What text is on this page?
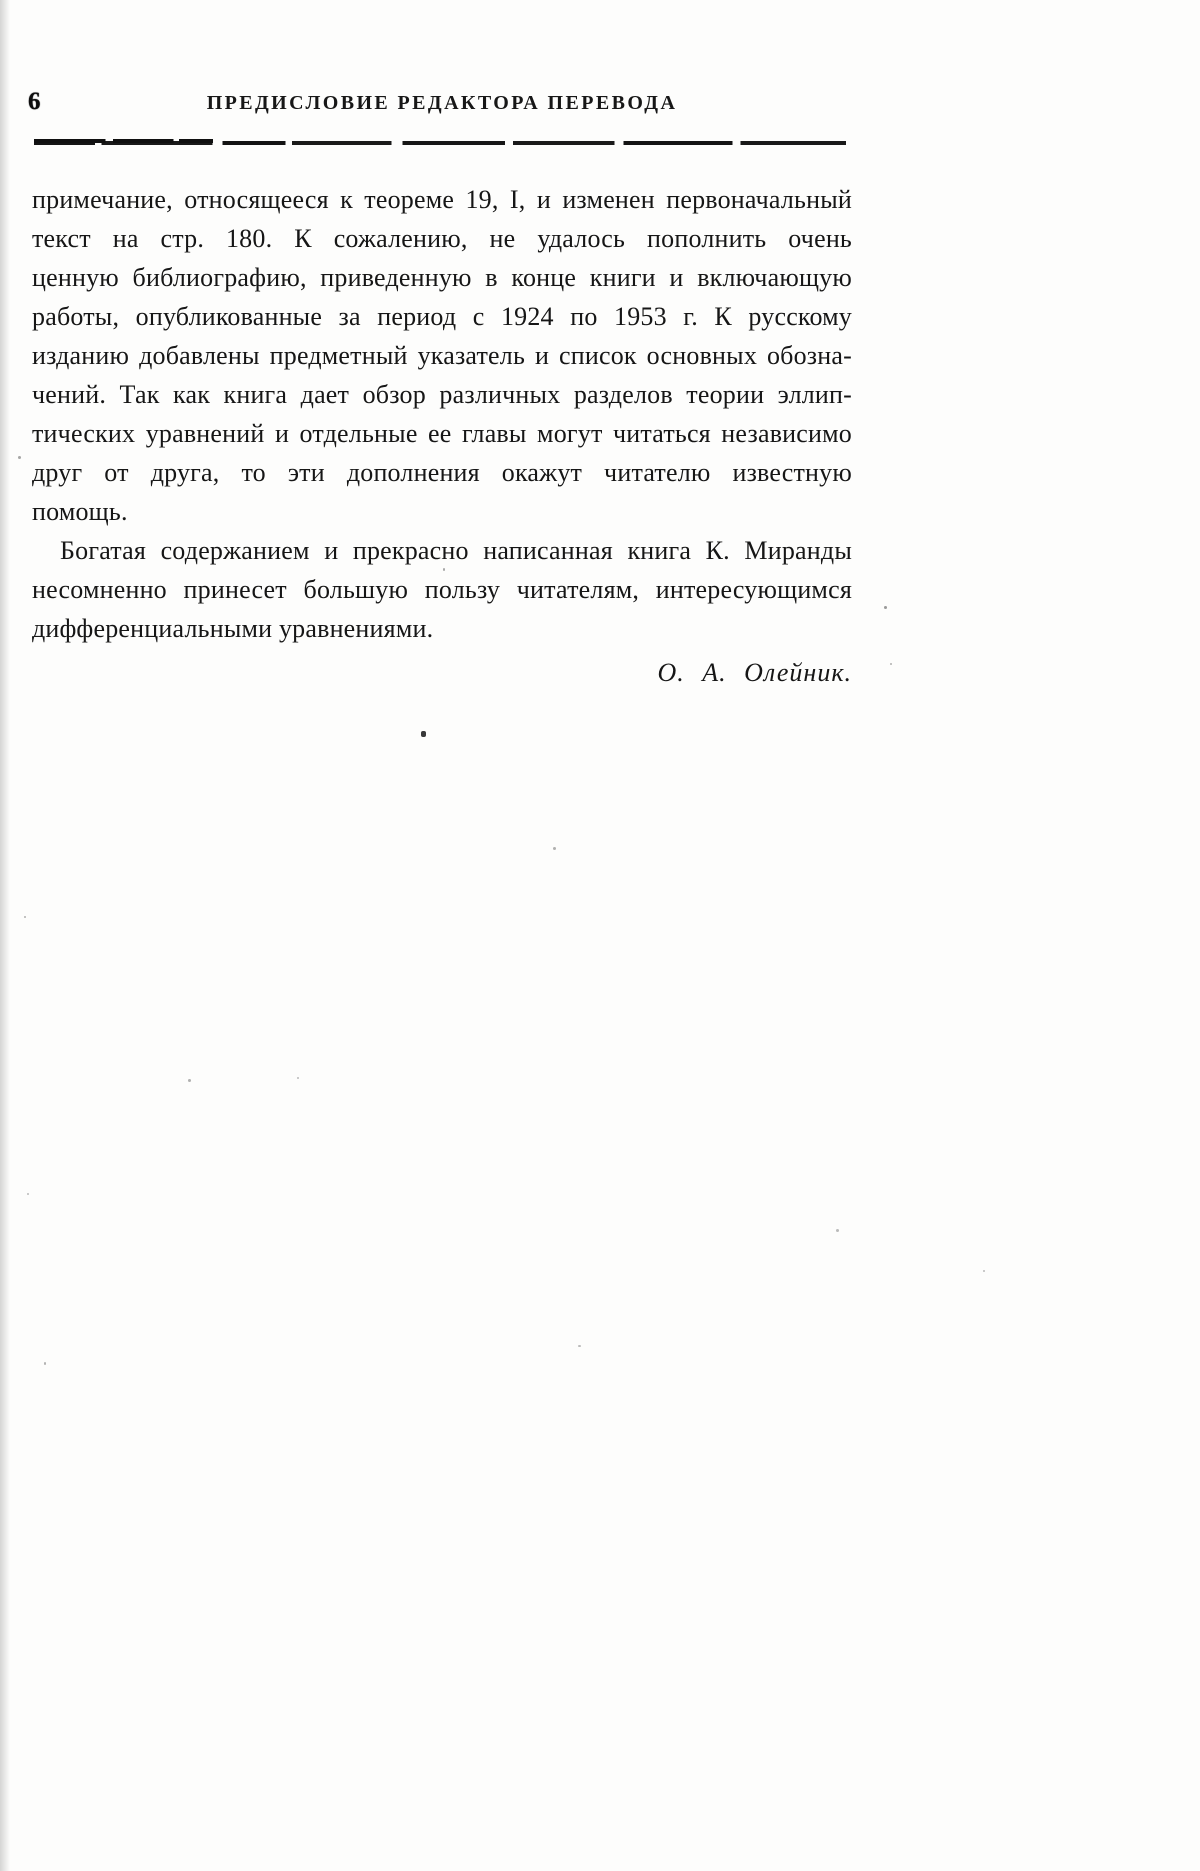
6	ПРЕДИСЛОВИЕ РЕДАКТОРА ПЕРЕВОДА
примечание, относящееся к теореме 19, I, и изменен первоначальный
текст на стр. 180. К сожалению, не удалось пополнить очень
ценную библиографию, приведенную в конце книги и включающую
работы, опубликованные за период с 1924 по 1953 г. К русскому
изданию добавлены предметный указатель и список основных обозна-
чений. Так как книга дает обзор различных разделов теории эллип-
тических уравнений и отдельные ее главы могут читаться независимо
друг от друга, то эти дополнения окажут читателю известную
помощь.
Богатая содержанием и прекрасно написанная книга К. Миранды
несомненно принесет большую пользу читателям, интересующимся
дифференциальными уравнениями.
О. А. Олейник.
